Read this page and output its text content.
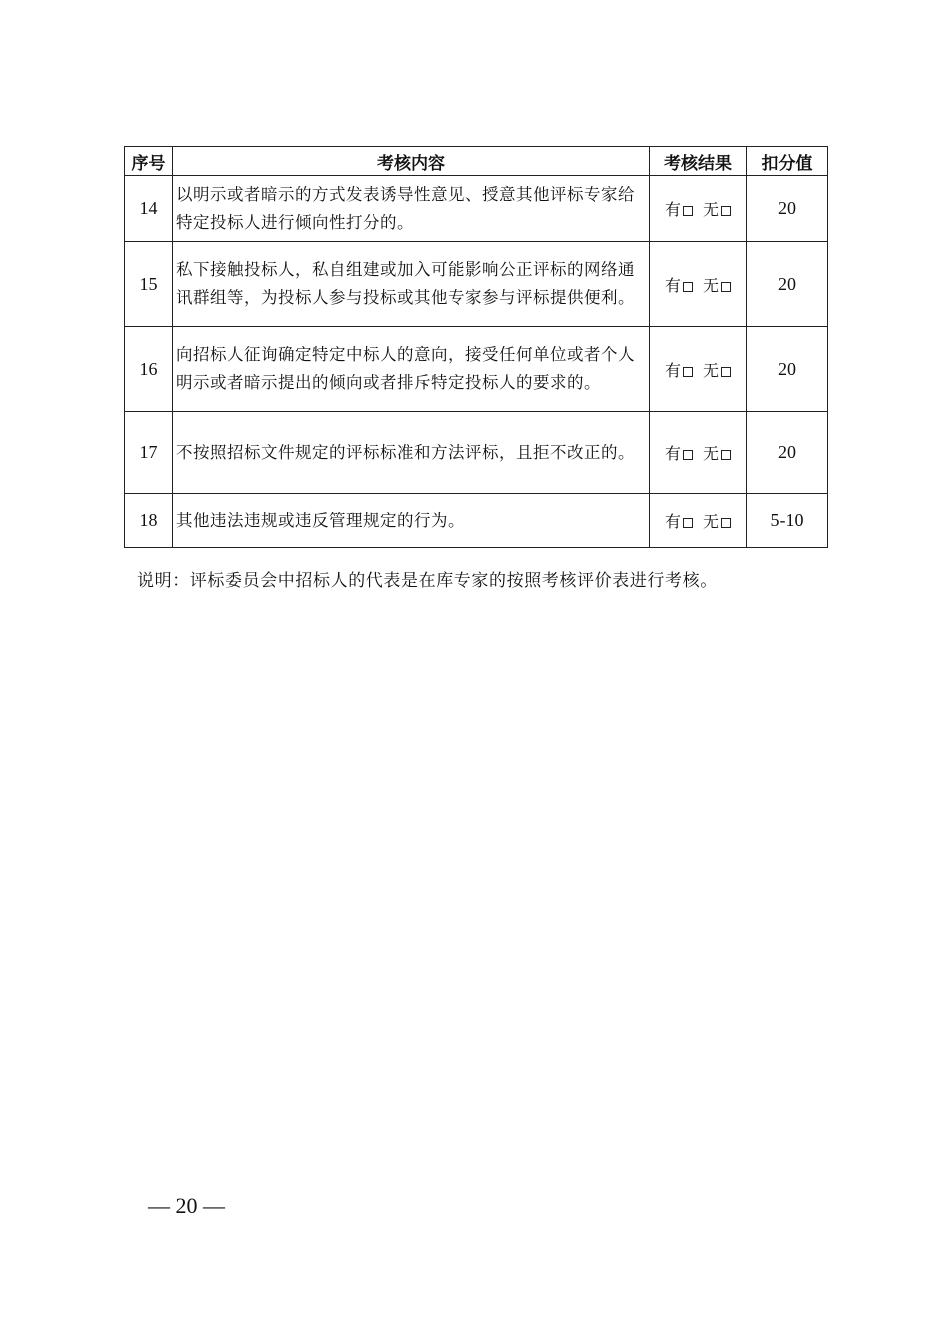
序号	考核内容	考核结果	扣分值
14	以明示或者暗示的方式发表诱导性意见、授意其他评标专家给特定投标人进行倾向性打分的。	有 无	20
15	私下接触投标人，私自组建或加入可能影响公正评标的网络通讯群组等，为投标人参与投标或其他专家参与评标提供便利。	有 无	20
16	向招标人征询确定特定中标人的意向，接受任何单位或者个人明示或者暗示提出的倾向或者排斥特定投标人的要求的。	有 无	20
17	不按照招标文件规定的评标标准和方法评标，且拒不改正的。	有 无	20
18	其他违法违规或违反管理规定的行为。	有 无	5-10
说明：评标委员会中招标人的代表是在库专家的按照考核评价表进行考核。
— 20 —
